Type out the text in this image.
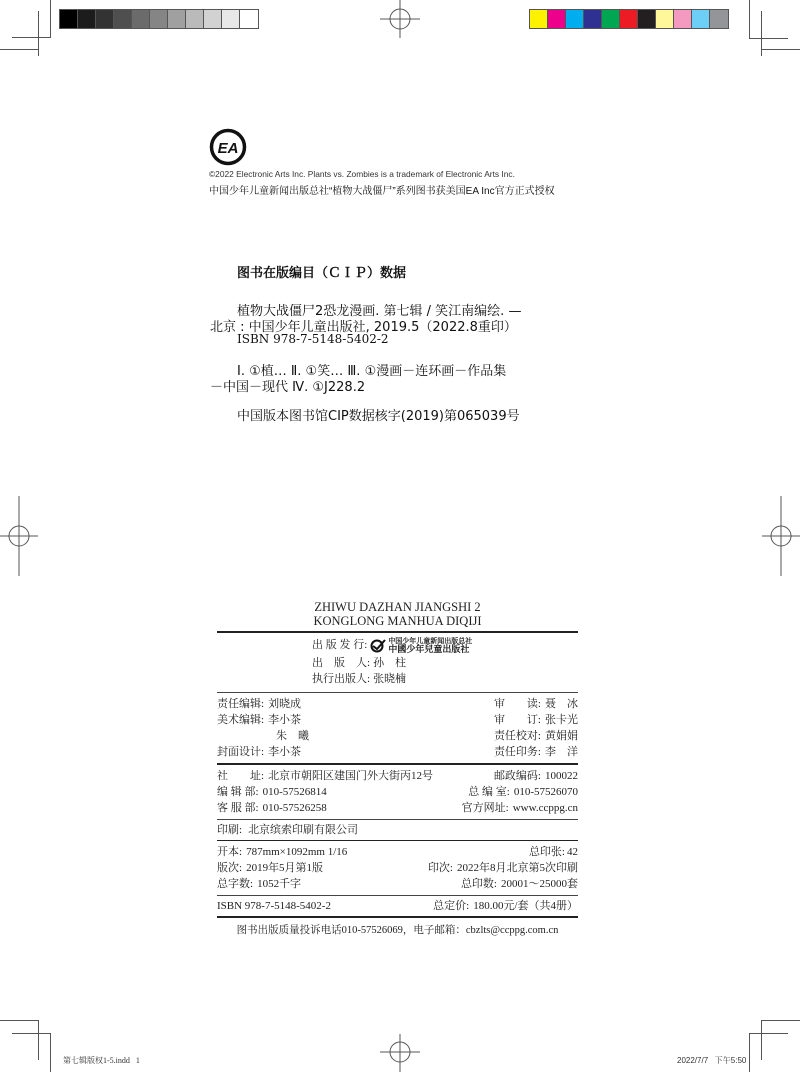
EA
©2022 Electronic Arts Inc. Plants vs. Zombies is a trademark of Electronic Arts Inc.
中国少年儿童新闻出版总社“植物大战僵尸”系列图书获美国EA Inc官方正式授权
图书在版编目（ＣＩＰ）数据
植物大战僵尸2恐龙漫画. 第七辑 / 笑江南编绘. —
北京 : 中国少年儿童出版社, 2019.5（2022.8重印）
ISBN 978-7-5148-5402-2
Ⅰ. ①植… Ⅱ. ①笑… Ⅲ. ①漫画－连环画－作品集
－中国－现代 Ⅳ. ①J228.2
中国版本图书馆CIP数据核字(2019)第065039号
ZHIWU DAZHAN JIANGSHI 2
KONGLONG MANHUA DIQIJI
出 版 发 行:	中国少年儿童新闻出版总社
中國少年兒童出版社
出　版　人: 孙　柱
执行出版人: 张晓楠
责任编辑: 刘晓成	审　　读: 聂　冰
美术编辑: 李小茶	审　　订: 张卡光
朱　曦	责任校对: 黄娟娟
封面设计: 李小茶	责任印务: 李　洋
社　　址: 北京市朝阳区建国门外大街丙12号	邮政编码: 100022
编 辑 部: 010-57526814	总 编 室: 010-57526070
客 服 部: 010-57526258	官方网址: www.ccppg.cn
印刷: 北京缤索印刷有限公司
开本: 787mm×1092mm 1/16	总印张: 42
版次: 2019年5月第1版	印次: 2022年8月北京第5次印刷
总字数: 1052千字	总印数: 20001～25000套
ISBN 978-7-5148-5402-2	总定价: 180.00元/套（共4册）
图书出版质量投诉电话010-57526069，电子邮箱：cbzlts@ccppg.com.cn
第七辑版权1-5.indd   1	2022/7/7   下午5:50
